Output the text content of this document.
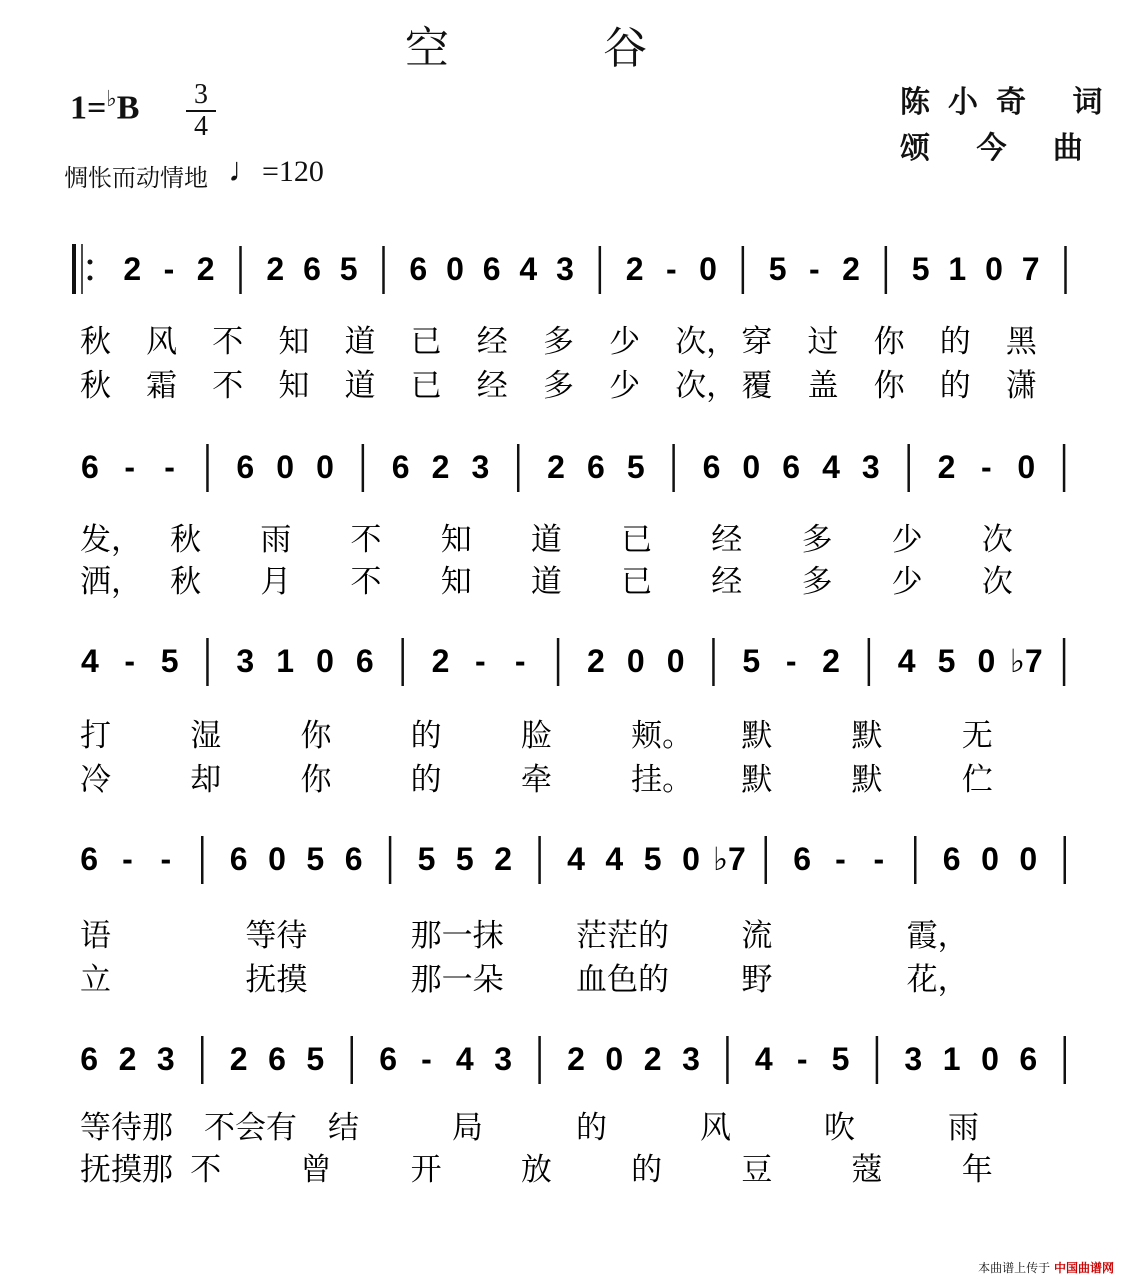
空 谷
1=♭B 3
4
惆怅而动情地 ♩=120
陈小奇 词
颂 今 曲
2 - 2 2 6 5 6 0 6 4 3 2 - 0 5 - 2 5 1 0 7
秋 风 不 知 道 已 经 多 少 次， 穿 过 你 的 黑
秋 霜 不 知 道 已 经 多 少 次， 覆 盖 你 的 潇
6 - - 6 0 0 6 2 3 2 6 5 6 0 6 4 3 2 - 0
发， 秋 雨 不 知 道 已 经 多 少 次
洒， 秋 月 不 知 道 已 经 多 少 次
4 - 5 3 1 0 6 2 - - 2 0 0 5 - 2 4 5 0 ♭7
打	湿	你	的	脸	颊。 默	默	无
冷	却	你	的	牵	挂。 默	默	伫
6 - - 6 0 5 6 5 5 2 4 4 5 0 ♭7 6 - - 6 0 0
语	等待	那一抹 茫茫的 流	霞，
立	抚摸	那一朵 血色的 野	花，
6 2 3 2 6 5 6 - 4 3 2 0 2 3 4 - 5 3 1 0 6
等待那 不会有 结	局	的	风	吹	雨
抚摸那 不	曾	开	放	的	豆	蔻	年
本曲谱上传于 中国曲谱网
